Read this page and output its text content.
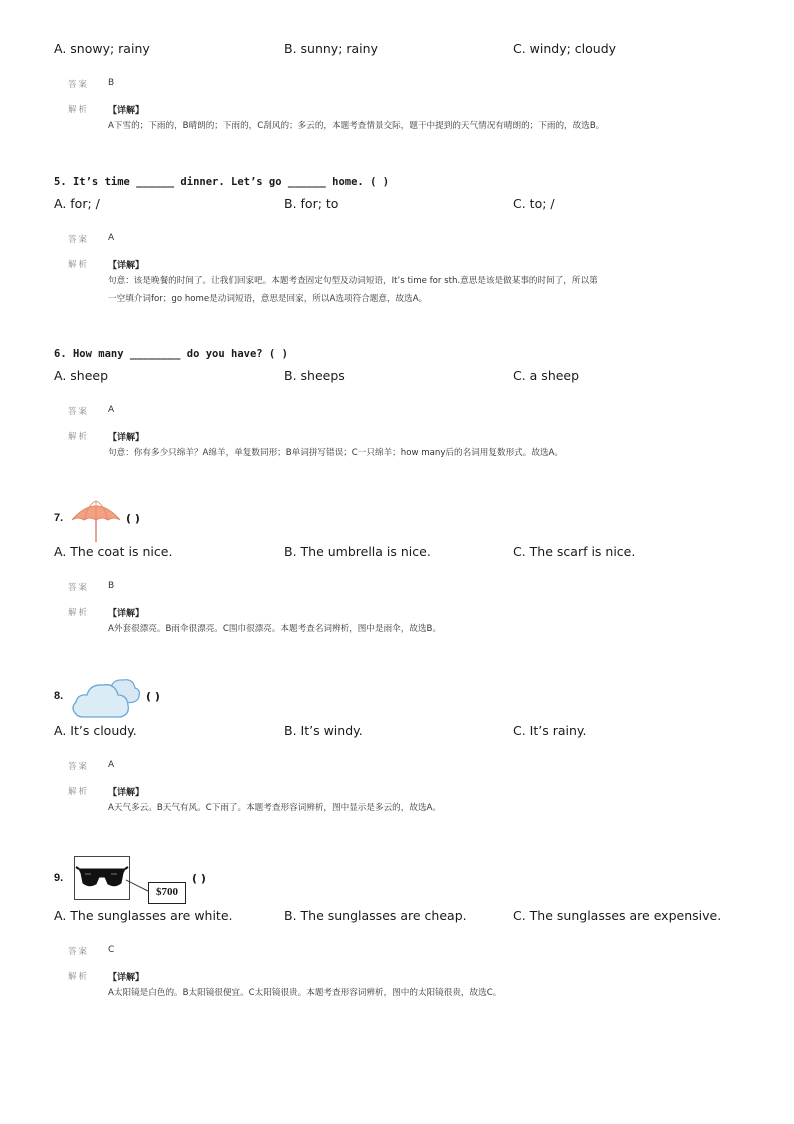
A. snowy; rainy	B. sunny; rainy	C. windy; cloudy
答案 B
解析 【详解】
A下雪的；下雨的，B晴朗的；下雨的，C刮风的；多云的，本题考查情景交际，题干中提到的天气情况有晴朗的；下雨的，故选B。
5. It’s time ______ dinner. Let’s go ______ home. ( )
A. for; /	B. for; to	C. to; /
答案 A
解析 【详解】
句意：该是晚餐的时间了。让我们回家吧。本题考查固定句型及动词短语，It’s time for sth.意思是该是做某事的时间了，所以第
一空填介词for；go home是动词短语，意思是回家，所以A选项符合题意，故选A。
6. How many ________ do you have? ( )
A. sheep	B. sheeps	C. a sheep
答案 A
解析 【详解】
句意：你有多少只绵羊？A绵羊，单复数同形；B单词拼写错误；C一只绵羊；how many后的名词用复数形式。故选A。
7.	( )
A. The coat is nice.	B. The umbrella is nice.	C. The scarf is nice.
答案 B
解析 【详解】
A外套很漂亮。B雨伞很漂亮。C围巾很漂亮。本题考查名词辨析，图中是雨伞，故选B。
8.	( )
A. It’s cloudy.	B. It’s windy.	C. It’s rainy.
答案 A
解析 【详解】
A天气多云。B天气有风。C下雨了。本题考查形容词辨析，图中显示是多云的，故选A。
9.
$700
( )
A. The sunglasses are white.	B. The sunglasses are cheap.	C. The sunglasses are expensive.
答案 C
解析 【详解】
A太阳镜是白色的。B太阳镜很便宜。C太阳镜很贵。本题考查形容词辨析，图中的太阳镜很贵，故选C。
